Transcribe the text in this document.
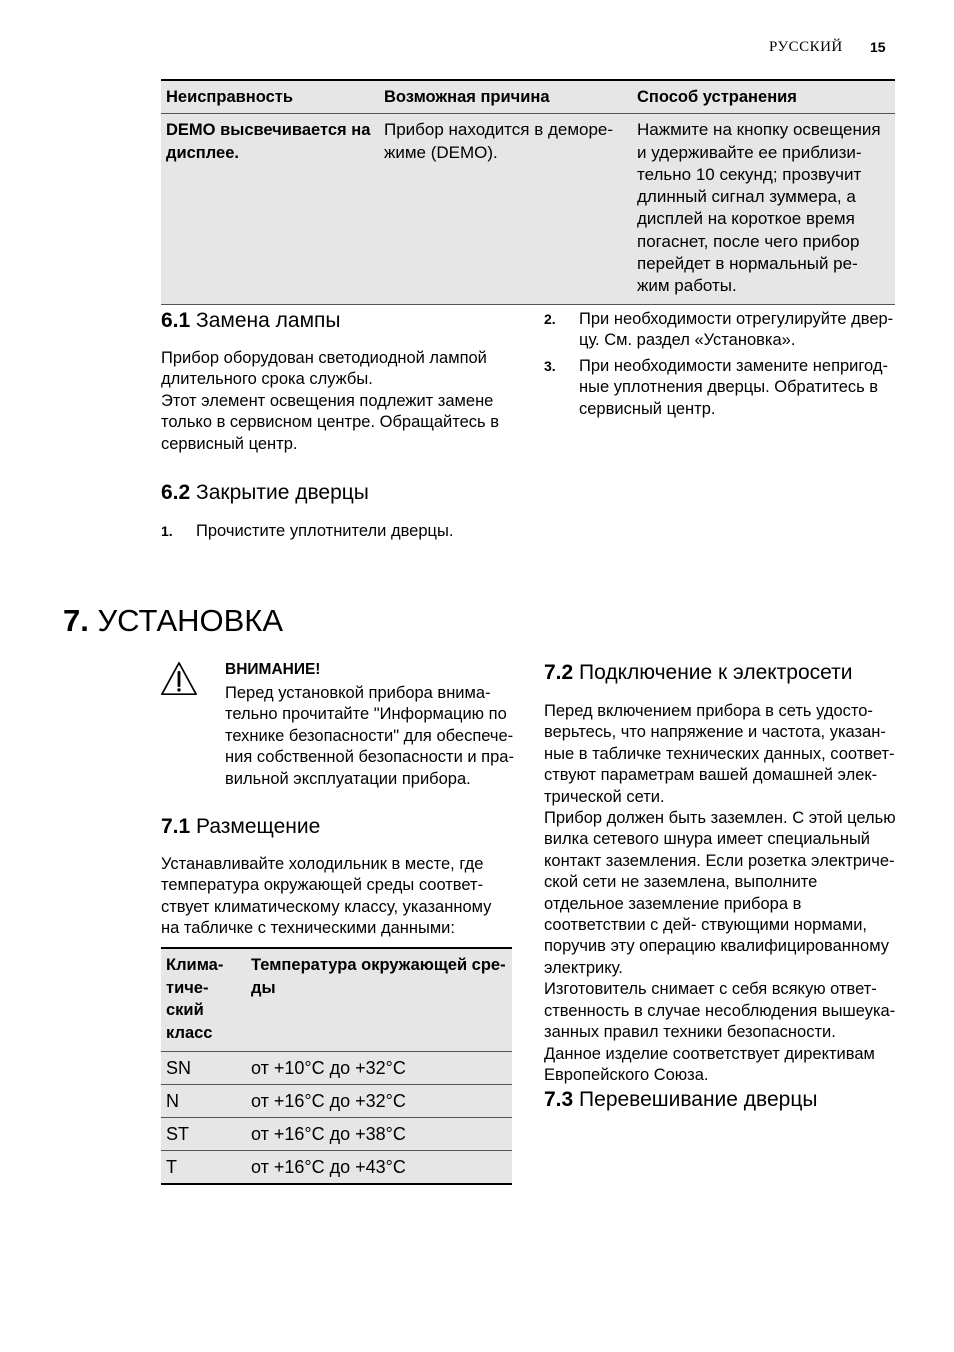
РУССКИЙ 15
Неисправность	Возможная причина	Способ устранения
DEMO высвечивается на дисплее.	Прибор находится в деморе- жиме (DEMO).	Нажмите на кнопку освещения и удерживайте ее приблизи- тельно 10 секунд; прозвучит длинный сигнал зуммера, а дисплей на короткое время погаснет, после чего прибор перейдет в нормальный ре- жим работы.
6.1 Замена лампы

Прибор оборудован светодиодной лампой

длительного срока службы.

Этот элемент освещения подлежит замене

только в сервисном центре. Обращайтесь в

сервисный центр.

6.2 Закрытие дверцы
1. Прочистите уплотнители дверцы.
2. При необходимости отрегулируйте двер- цу. См. раздел «Установка».
3. При необходимости замените непригод- ные уплотнения дверцы. Обратитесь в сервисный центр.
7. УСТАНОВКА
ВНИМАНИЕ!
Перед установкой прибора внима- тельно прочитайте "Информацию по технике безопасности" для обеспече- ния собственной безопасности и пра- вильной эксплуатации прибора.
7.1 Размещение
Устанавливайте холодильник в месте, где температура окружающей среды соответ- ствует климатическому классу, указанному на табличке с техническими данными:
Клима- тиче- ский класс	Температура окружающей сре- ды
SN	от +10°C до +32°C
N	от +16°C до +32°C
ST	от +16°C до +38°C
T	от +16°C до +43°C
7.2 Подключение к электросети

Перед включением прибора в сеть удосто- верьтесь, что напряжение и частота, указан- ные в табличке технических данных, соответ- ствуют параметрам вашей домашней элек- трической сети.

Прибор должен быть заземлен. С этой целью вилка сетевого шнура имеет специальный контакт заземления. Если розетка электриче- ской сети не заземлена, выполните отдельное заземление прибора в соответствии с дей- ствующими нормами, поручив эту операцию квалифицированному электрику.

Изготовитель снимает с себя всякую ответ- ственность в случае несоблюдения вышеука- занных правил техники безопасности.

Данное изделие соответствует директивам Европейского Союза.

7.3 Перевешивание дверцы
